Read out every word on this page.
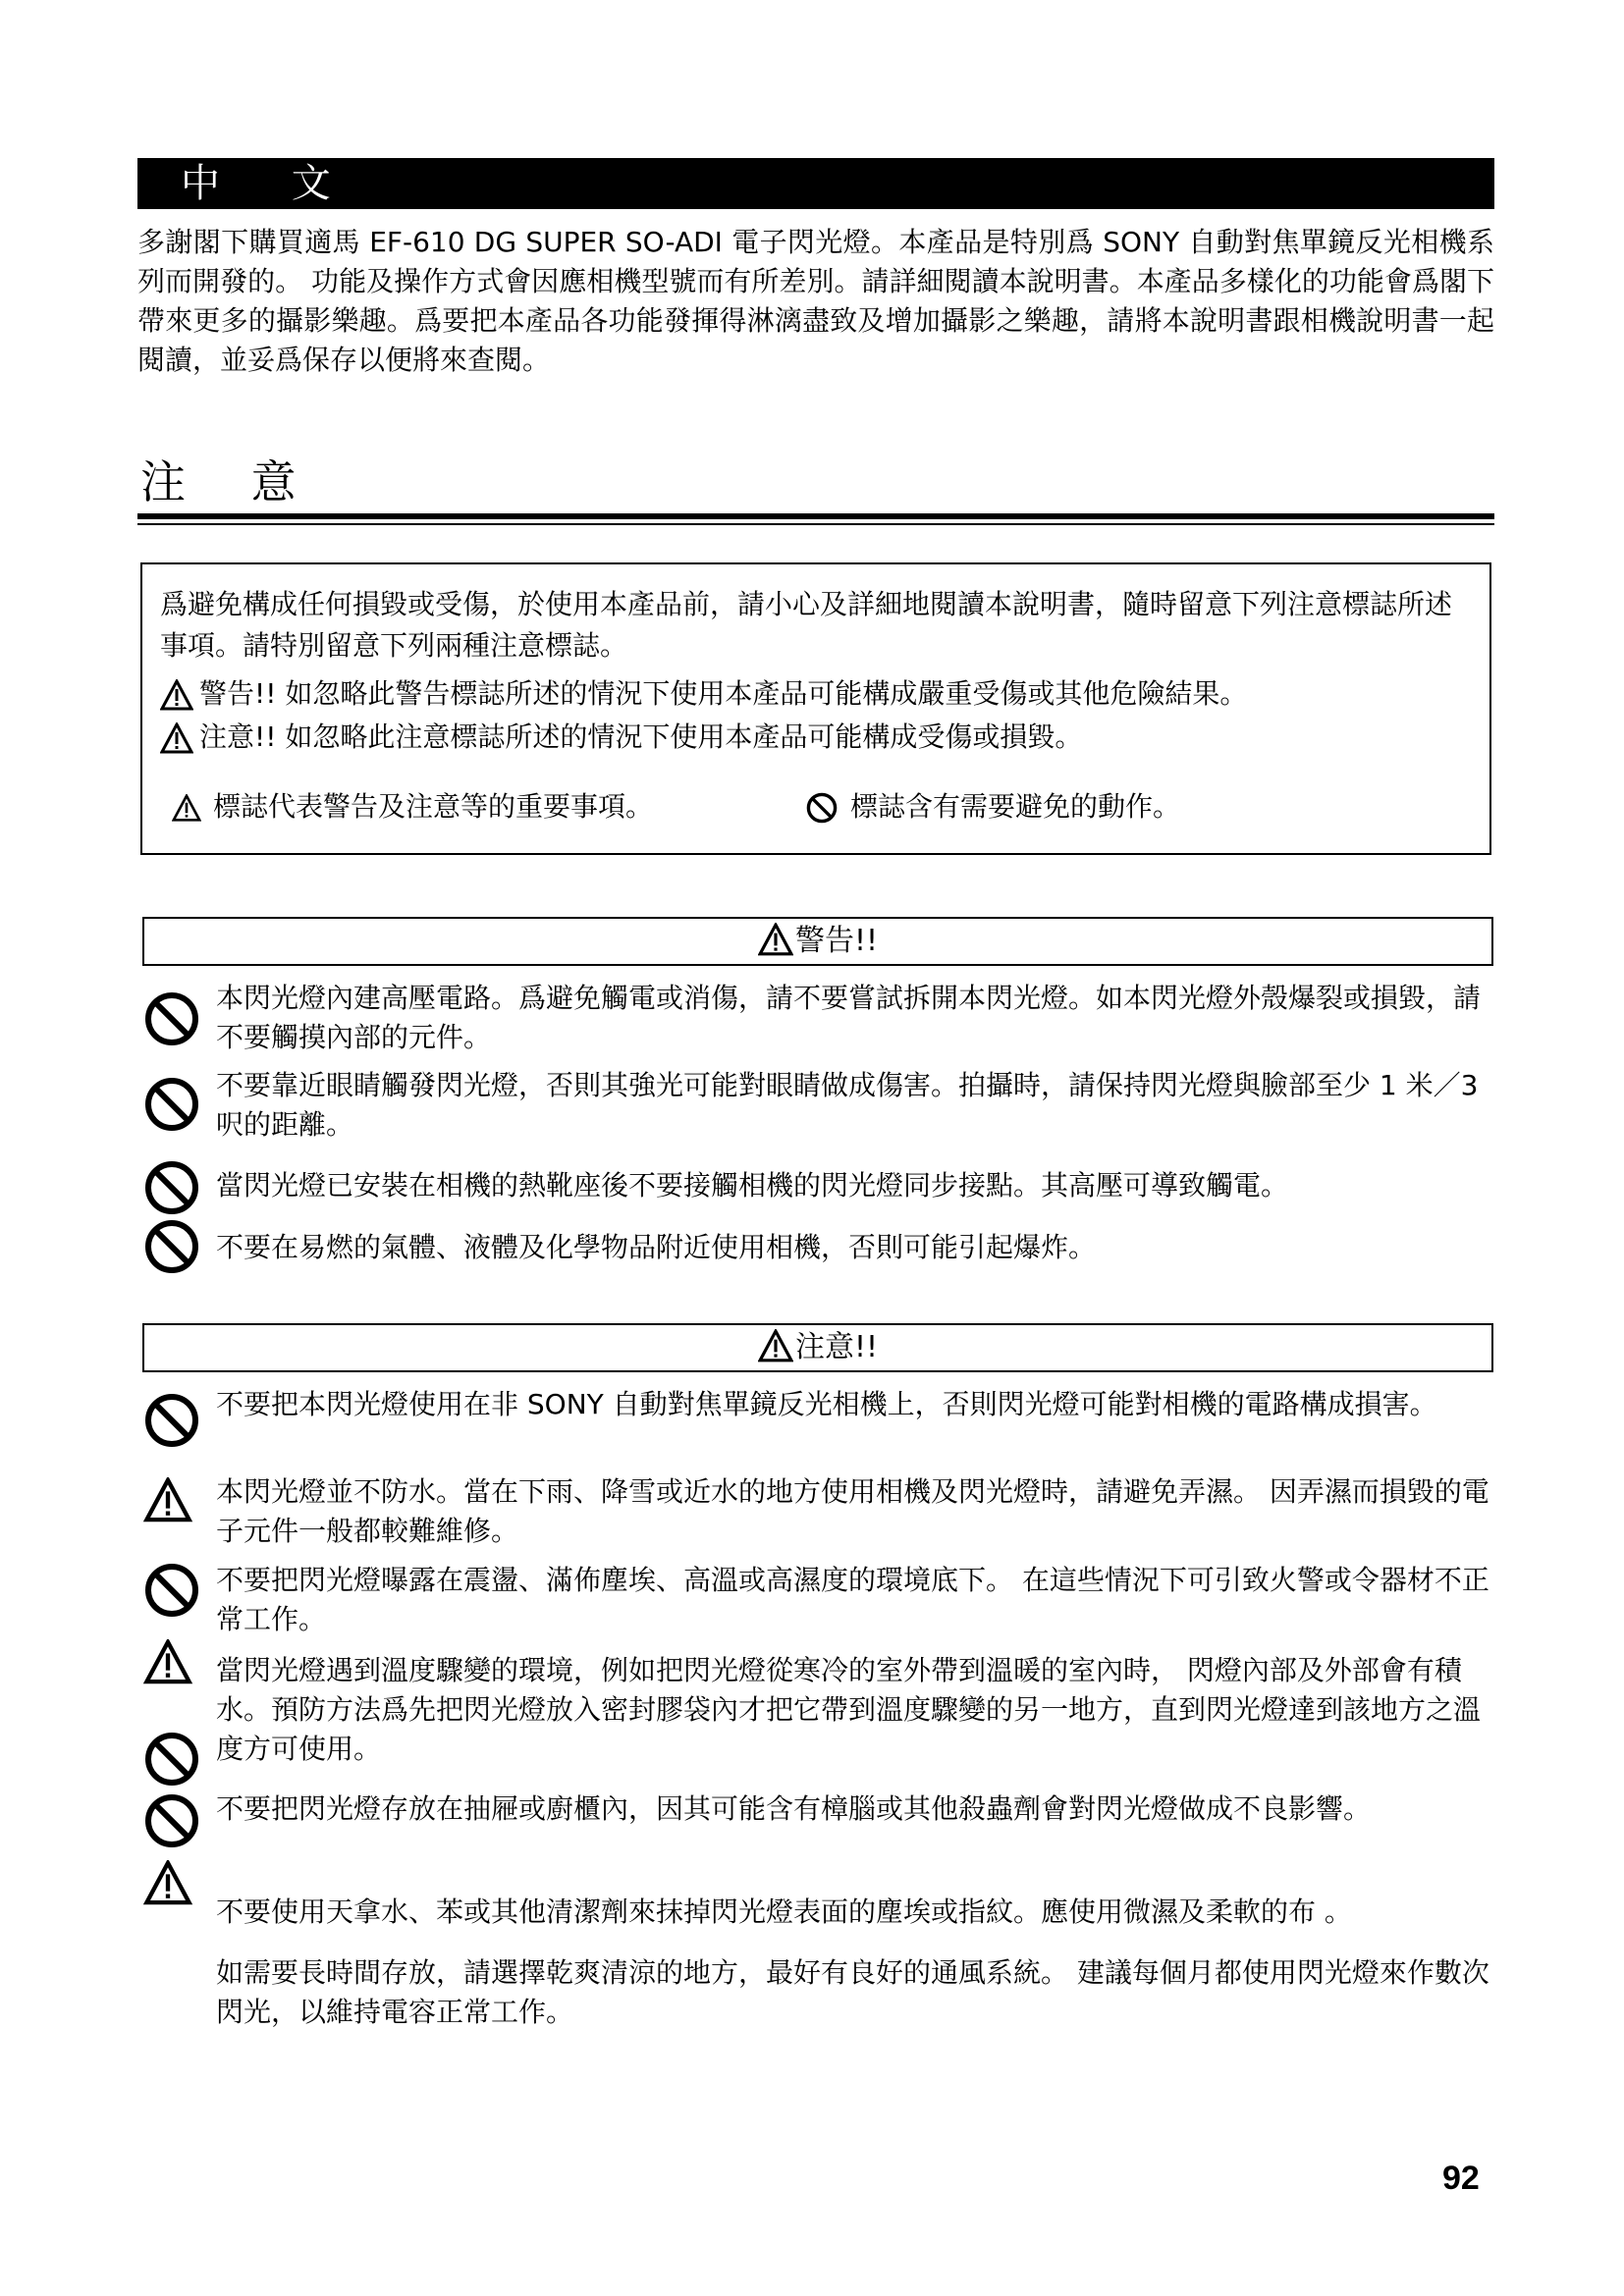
中 文
多謝閣下購買適馬 EF-610 DG SUPER SO-ADI 電子閃光燈。本產品是特別爲 SONY 自動對焦單鏡反光相機系列而開發的。 功能及操作方式會因應相機型號而有所差別。請詳細閱讀本說明書。本產品多樣化的功能會爲閣下帶來更多的攝影樂趣。爲要把本產品各功能發揮得淋漓盡致及增加攝影之樂趣，請將本說明書跟相機說明書一起閱讀，並妥爲保存以便將來查閱。
注 意
爲避免構成任何損毀或受傷，於使用本產品前，請小心及詳細地閱讀本說明書，隨時留意下列注意標誌所述事項。請特別留意下列兩種注意標誌。
警告!! 如忽略此警告標誌所述的情況下使用本產品可能構成嚴重受傷或其他危險結果。
注意!! 如忽略此注意標誌所述的情況下使用本產品可能構成受傷或損毀。
標誌代表警告及注意等的重要事項。	標誌含有需要避免的動作。
警告!!
本閃光燈內建高壓電路。爲避免觸電或消傷，請不要嘗試拆開本閃光燈。如本閃光燈外殼爆裂或損毀，請不要觸摸內部的元件。
不要靠近眼睛觸發閃光燈，否則其強光可能對眼睛做成傷害。拍攝時，請保持閃光燈與臉部至少 1 米／3 呎的距離。
當閃光燈已安裝在相機的熱靴座後不要接觸相機的閃光燈同步接點。其高壓可導致觸電。
不要在易燃的氣體、液體及化學物品附近使用相機，否則可能引起爆炸。
注意!!
不要把本閃光燈使用在非 SONY 自動對焦單鏡反光相機上，否則閃光燈可能對相機的電路構成損害。
本閃光燈並不防水。當在下雨、降雪或近水的地方使用相機及閃光燈時，請避免弄濕。 因弄濕而損毀的電子元件一般都較難維修。
不要把閃光燈曝露在震盪、滿佈塵埃、高溫或高濕度的環境底下。 在這些情況下可引致火警或令器材不正常工作。
當閃光燈遇到溫度驟變的環境，例如把閃光燈從寒冷的室外帶到溫暖的室內時， 閃燈內部及外部會有積水。預防方法爲先把閃光燈放入密封膠袋內才把它帶到溫度驟變的另一地方，直到閃光燈達到該地方之溫度方可使用。
不要把閃光燈存放在抽屜或廚櫃內，因其可能含有樟腦或其他殺蟲劑會對閃光燈做成不良影響。
不要使用天拿水、苯或其他清潔劑來抹掉閃光燈表面的塵埃或指紋。應使用微濕及柔軟的布 。
如需要長時間存放，請選擇乾爽清涼的地方，最好有良好的通風系統。 建議每個月都使用閃光燈來作數次閃光，以維持電容正常工作。
92
